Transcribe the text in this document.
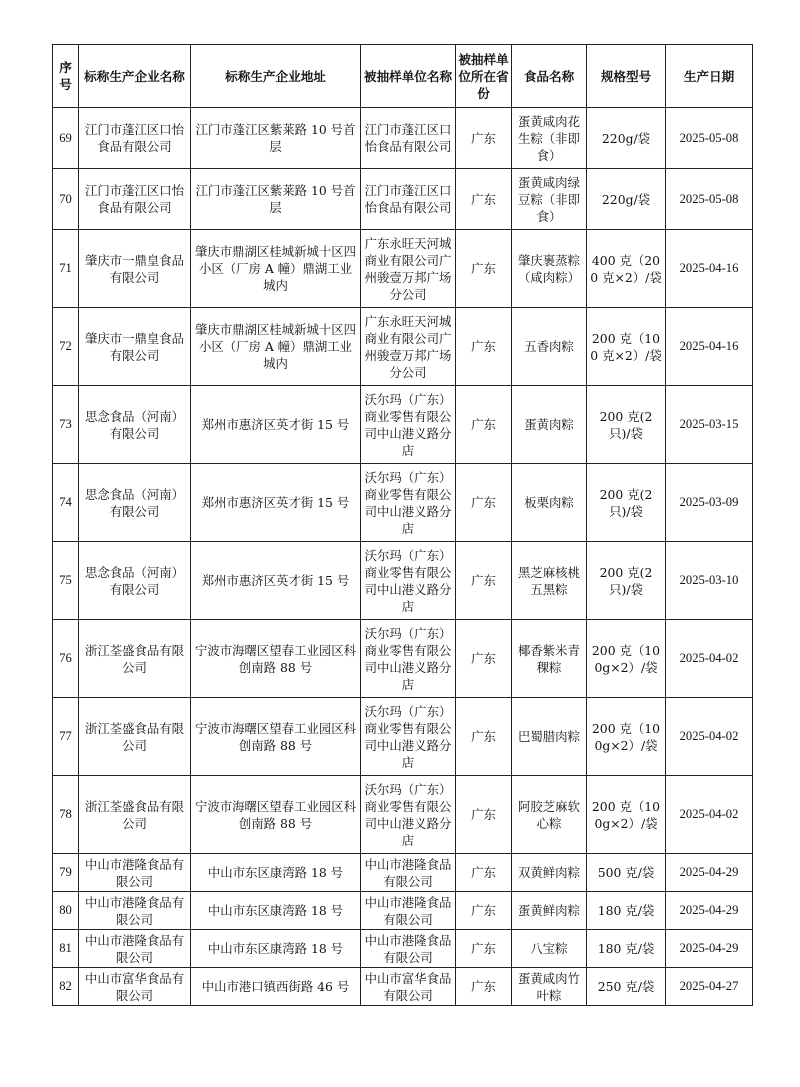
序号	标称生产企业名称	标称生产企业地址	被抽样单位名称	被抽样单位所在省份	食品名称	规格型号	生产日期
69	江门市蓬江区口怡食品有限公司	江门市蓬江区紫莱路 10 号首层	江门市蓬江区口怡食品有限公司	广东	蛋黄咸肉花生粽（非即食）	220g/袋	2025-05-08
70	江门市蓬江区口怡食品有限公司	江门市蓬江区紫莱路 10 号首层	江门市蓬江区口怡食品有限公司	广东	蛋黄咸肉绿豆粽（非即食）	220g/袋	2025-05-08
71	肇庆市一鼎皇食品有限公司	肇庆市鼎湖区桂城新城十区四小区（厂房 A 幢）鼎湖工业城内	广东永旺天河城商业有限公司广州骏壹万邦广场分公司	广东	肇庆裹蒸粽（咸肉粽）	400 克（200 克×2）/袋	2025-04-16
72	肇庆市一鼎皇食品有限公司	肇庆市鼎湖区桂城新城十区四小区（厂房 A 幢）鼎湖工业城内	广东永旺天河城商业有限公司广州骏壹万邦广场分公司	广东	五香肉粽	200 克（100 克×2）/袋	2025-04-16
73	思念食品（河南）有限公司	郑州市惠济区英才街 15 号	沃尔玛（广东）商业零售有限公司中山港义路分店	广东	蛋黄肉粽	200 克(2 只)/袋	2025-03-15
74	思念食品（河南）有限公司	郑州市惠济区英才街 15 号	沃尔玛（广东）商业零售有限公司中山港义路分店	广东	板栗肉粽	200 克(2 只)/袋	2025-03-09
75	思念食品（河南）有限公司	郑州市惠济区英才街 15 号	沃尔玛（广东）商业零售有限公司中山港义路分店	广东	黑芝麻核桃五黑粽	200 克(2 只)/袋	2025-03-10
76	浙江荃盛食品有限公司	宁波市海曙区望春工业园区科创南路 88 号	沃尔玛（广东）商业零售有限公司中山港义路分店	广东	椰香紫米青稞粽	200 克（100g×2）/袋	2025-04-02
77	浙江荃盛食品有限公司	宁波市海曙区望春工业园区科创南路 88 号	沃尔玛（广东）商业零售有限公司中山港义路分店	广东	巴蜀腊肉粽	200 克（100g×2）/袋	2025-04-02
78	浙江荃盛食品有限公司	宁波市海曙区望春工业园区科创南路 88 号	沃尔玛（广东）商业零售有限公司中山港义路分店	广东	阿胶芝麻软心粽	200 克（100g×2）/袋	2025-04-02
79	中山市港隆食品有限公司	中山市东区康湾路 18 号	中山市港隆食品有限公司	广东	双黄鲜肉粽	500 克/袋	2025-04-29
80	中山市港隆食品有限公司	中山市东区康湾路 18 号	中山市港隆食品有限公司	广东	蛋黄鲜肉粽	180 克/袋	2025-04-29
81	中山市港隆食品有限公司	中山市东区康湾路 18 号	中山市港隆食品有限公司	广东	八宝粽	180 克/袋	2025-04-29
82	中山市富华食品有限公司	中山市港口镇西街路 46 号	中山市富华食品有限公司	广东	蛋黄咸肉竹叶粽	250 克/袋	2025-04-27
